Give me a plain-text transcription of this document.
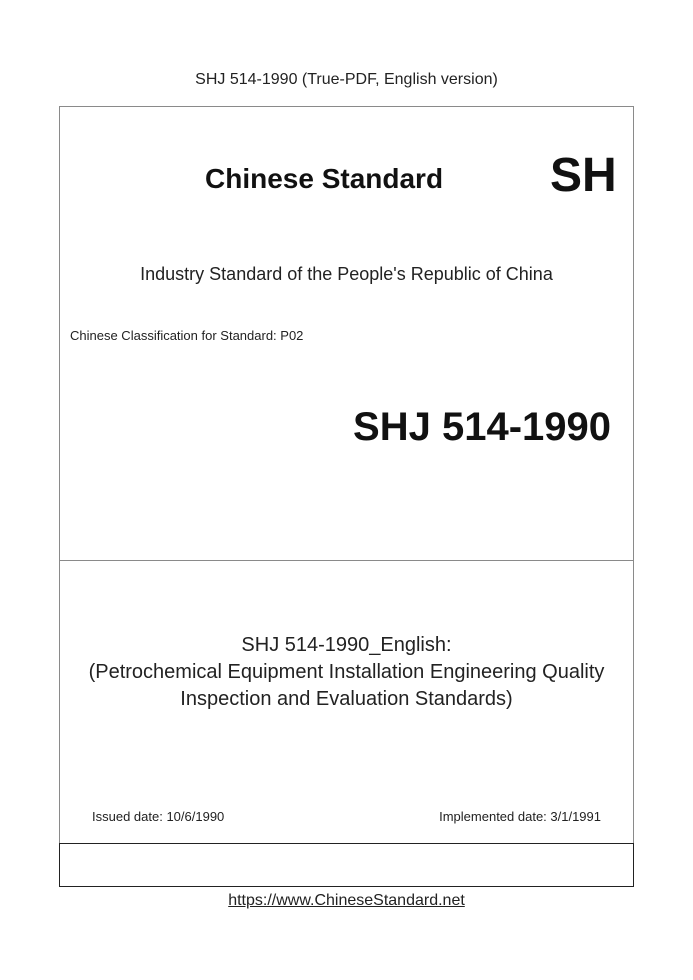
SHJ 514-1990 (True-PDF, English version)
Chinese Standard SH
Industry Standard of the People's Republic of China
Chinese Classification for Standard: P02
SHJ 514-1990
SHJ 514-1990_English:
(Petrochemical Equipment Installation Engineering Quality
Inspection and Evaluation Standards)
Issued date: 10/6/1990	Implemented date: 3/1/1991
https://www.ChineseStandard.net
